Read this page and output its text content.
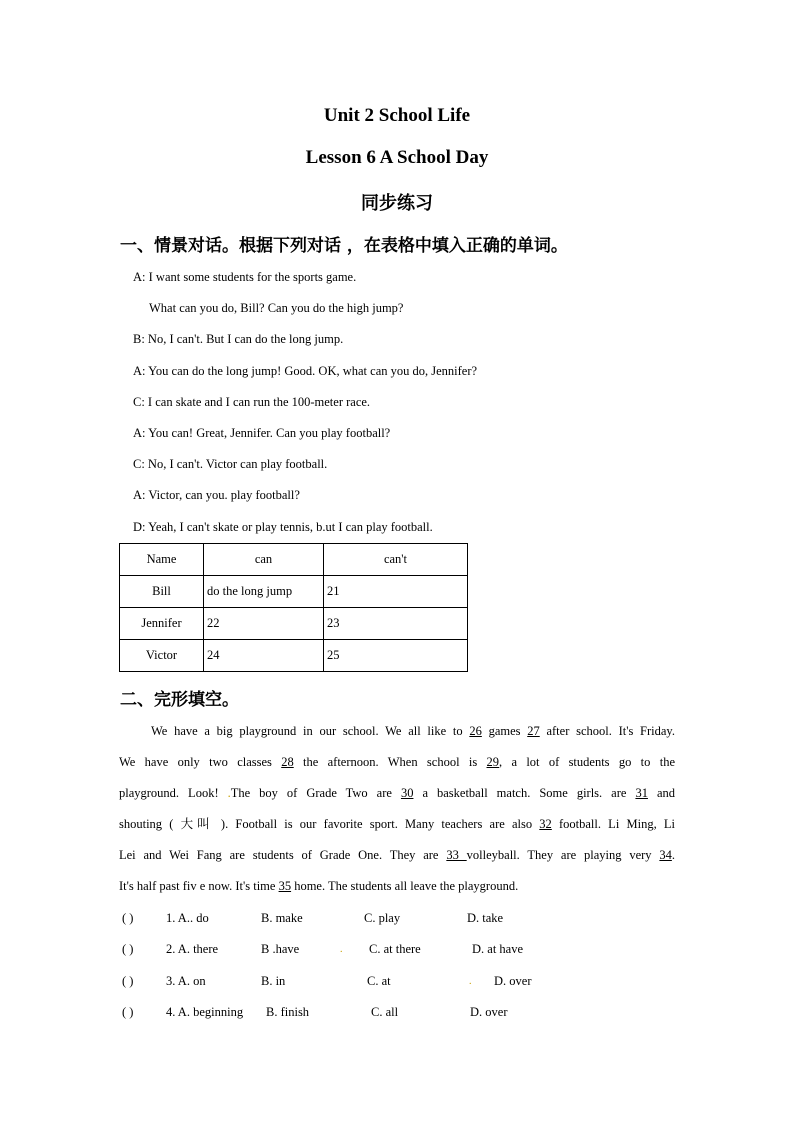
Unit 2 School Life
Lesson 6 A School Day
同步练习
一、情景对话。根据下列对话 ，在表格中填入正确的单词。
A: I want some students for the sports game.
What can you do, Bill? Can you do the high jump?
B: No, I can't. But I can do the long jump.
A: You can do the long jump! Good. OK, what can you do, Jennifer?
C: I can skate and I can run the 100-meter race.
A: You can! Great, Jennifer. Can you play football?
C: No, I can't. Victor can play football.
A: Victor, can you. play football?
D: Yeah, I can't skate or play tennis, b.ut I can play football.
Name	can	can't
Bill	do the long jump	21
Jennifer	22	23
Victor	24	25
二、完形填空。
We have a big playground in our school. We all like to 26 games 27 after school. It's Friday.
We have only two classes 28 the afternoon. When school is 29, a lot of students go to the
playground. Look! .The boy of Grade Two are 30 a basketball match. Some girls. are 31 and
shouting ( 大叫 ). Football is our favorite sport. Many teachers are also 32 football. Li Ming, Li
Lei and Wei Fang are students of Grade One. They are 33 volleyball. They are playing very 34.
It's half past fiv e now. It's time 35 home. The students all leave the playground.
( )	1. A.. do	B. make	C. play	D. take
( )	2. A. there	B .have	. C. at there	D. at have
( )	3. A. on	B. in	C. at	. D. over
( )	4. A. beginning B. finish	C. all	D. over
